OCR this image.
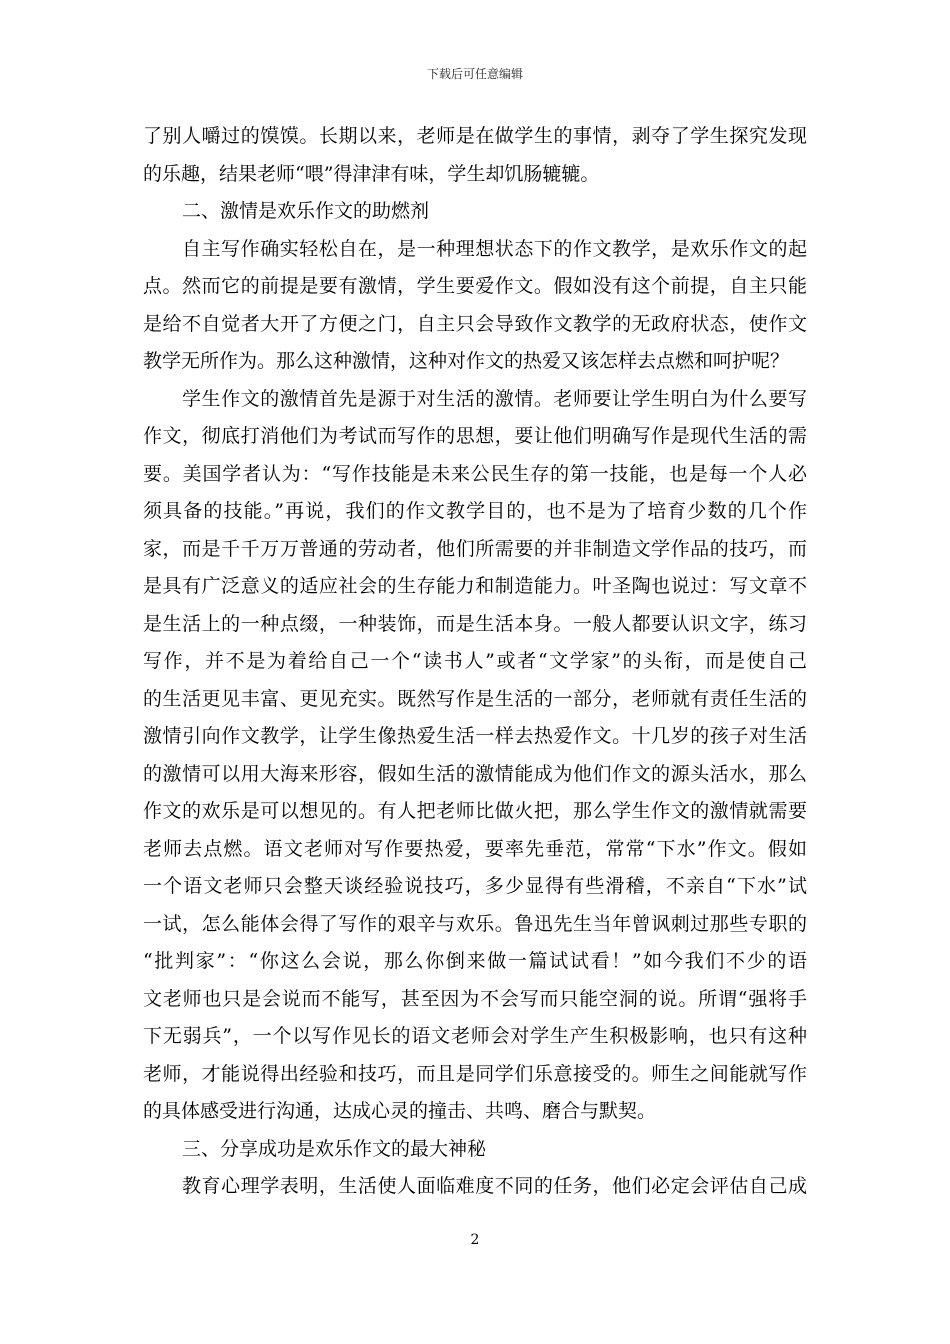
下载后可任意编辑
了别人嚼过的馍馍。长期以来，老师是在做学生的事情，剥夺了学生探究发现
的乐趣，结果老师“喂”得津津有味，学生却饥肠辘辘。
二、激情是欢乐作文的助燃剂
自主写作确实轻松自在，是一种理想状态下的作文教学，是欢乐作文的起
点。然而它的前提是要有激情，学生要爱作文。假如没有这个前提，自主只能
是给不自觉者大开了方便之门，自主只会导致作文教学的无政府状态，使作文
教学无所作为。那么这种激情，这种对作文的热爱又该怎样去点燃和呵护呢？
学生作文的激情首先是源于对生活的激情。老师要让学生明白为什么要写
作文，彻底打消他们为考试而写作的思想，要让他们明确写作是现代生活的需
要。美国学者认为：“写作技能是未来公民生存的第一技能，也是每一个人必
须具备的技能。”再说，我们的作文教学目的，也不是为了培育少数的几个作
家，而是千千万万普通的劳动者，他们所需要的并非制造文学作品的技巧，而
是具有广泛意义的适应社会的生存能力和制造能力。叶圣陶也说过：写文章不
是生活上的一种点缀，一种装饰，而是生活本身。一般人都要认识文字，练习
写作，并不是为着给自己一个“读书人”或者“文学家”的头衔，而是使自己
的生活更见丰富、更见充实。既然写作是生活的一部分，老师就有责任生活的
激情引向作文教学，让学生像热爱生活一样去热爱作文。十几岁的孩子对生活
的激情可以用大海来形容，假如生活的激情能成为他们作文的源头活水，那么
作文的欢乐是可以想见的。有人把老师比做火把，那么学生作文的激情就需要
老师去点燃。语文老师对写作要热爱，要率先垂范，常常“下水”作文。假如
一个语文老师只会整天谈经验说技巧，多少显得有些滑稽，不亲自“下水”试
一试，怎么能体会得了写作的艰辛与欢乐。鲁迅先生当年曾讽刺过那些专职的
“批判家”：“你这么会说，那么你倒来做一篇试试看！”如今我们不少的语
文老师也只是会说而不能写，甚至因为不会写而只能空洞的说。所谓“强将手
下无弱兵”，一个以写作见长的语文老师会对学生产生积极影响，也只有这种
老师，才能说得出经验和技巧，而且是同学们乐意接受的。师生之间能就写作
的具体感受进行沟通，达成心灵的撞击、共鸣、磨合与默契。
三、分享成功是欢乐作文的最大神秘
教育心理学表明，生活使人面临难度不同的任务，他们必定会评估自己成
2
